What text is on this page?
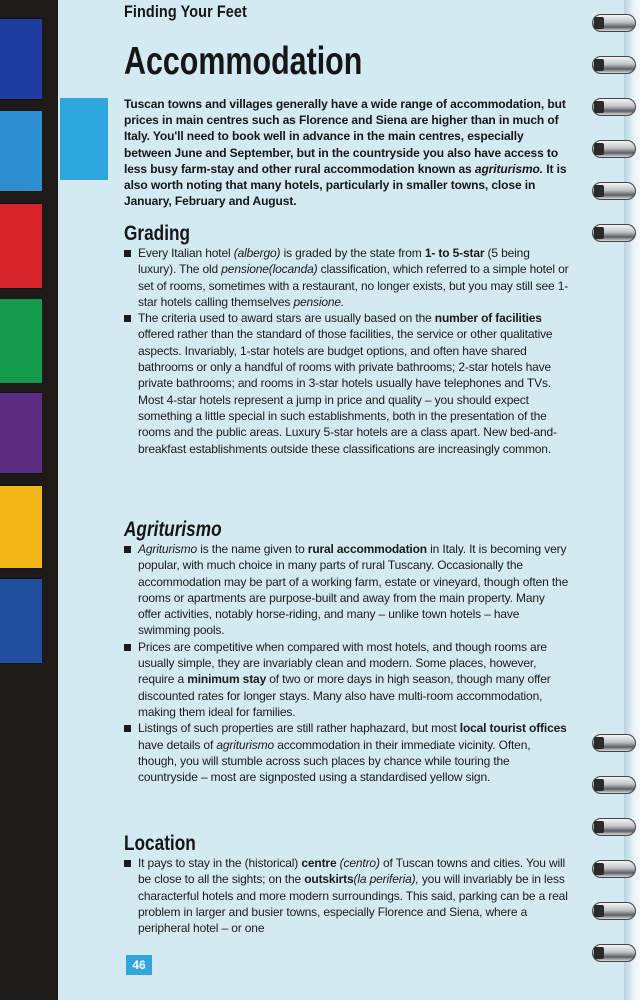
Finding Your Feet
Accommodation
Tuscan towns and villages generally have a wide range of accommodation, but prices in main centres such as Florence and Siena are higher than in much of Italy. You'll need to book well in advance in the main centres, especially between June and September, but in the countryside you also have access to less busy farm-stay and other rural accommodation known as agriturismo. It is also worth noting that many hotels, particularly in smaller towns, close in January, February and August.
Grading
Every Italian hotel (albergo) is graded by the state from 1- to 5-star (5 being luxury). The old pensione(locanda) classification, which referred to a simple hotel or set of rooms, sometimes with a restaurant, no longer exists, but you may still see 1-star hotels calling themselves pensione.
The criteria used to award stars are usually based on the number of facilities offered rather than the standard of those facilities, the service or other qualitative aspects. Invariably, 1-star hotels are budget options, and often have shared bathrooms or only a handful of rooms with private bathrooms; 2-star hotels have private bathrooms; and rooms in 3-star hotels usually have telephones and TVs. Most 4-star hotels represent a jump in price and quality – you should expect something a little special in such establishments, both in the presentation of the rooms and the public areas. Luxury 5-star hotels are a class apart. New bed-and-breakfast establishments outside these classifications are increasingly common.
Agriturismo
Agriturismo is the name given to rural accommodation in Italy. It is becoming very popular, with much choice in many parts of rural Tuscany. Occasionally the accommodation may be part of a working farm, estate or vineyard, though often the rooms or apartments are purpose-built and away from the main property. Many offer activities, notably horse-riding, and many – unlike town hotels – have swimming pools.
Prices are competitive when compared with most hotels, and though rooms are usually simple, they are invariably clean and modern. Some places, however, require a minimum stay of two or more days in high season, though many offer discounted rates for longer stays. Many also have multi-room accommodation, making them ideal for families.
Listings of such properties are still rather haphazard, but most local tourist offices have details of agriturismo accommodation in their immediate vicinity. Often, though, you will stumble across such places by chance while touring the countryside – most are signposted using a standardised yellow sign.
Location
It pays to stay in the (historical) centre (centro) of Tuscan towns and cities. You will be close to all the sights; on the outskirts(la periferia), you will invariably be in less characterful hotels and more modern surroundings. This said, parking can be a real problem in larger and busier towns, especially Florence and Siena, where a peripheral hotel – or one
46
